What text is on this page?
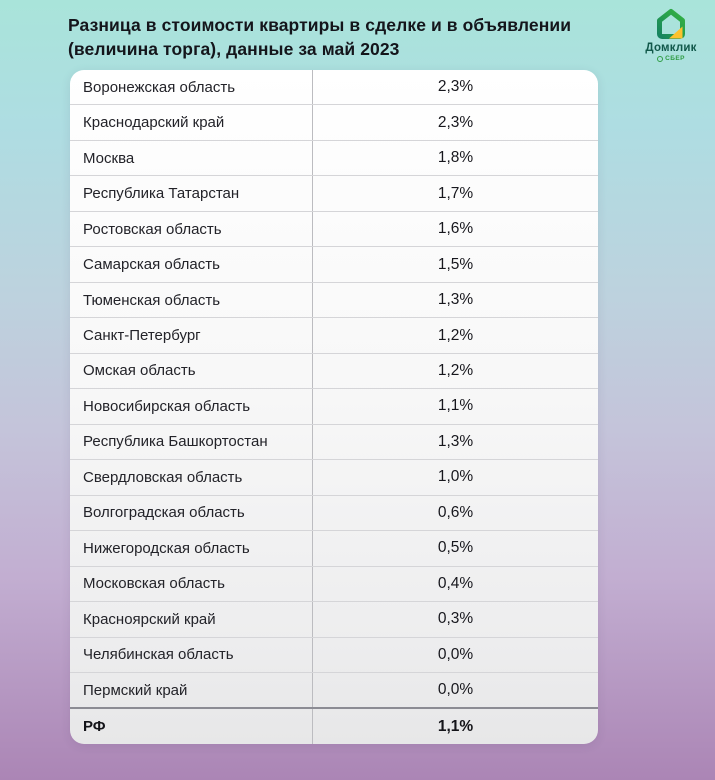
Разница в стоимости квартиры в сделке и в объявлении
(величина торга), данные за май 2023	Домклик
СБЕР
Воронежская область	2,3%
Краснодарский край	2,3%
Москва	1,8%
Республика Татарстан	1,7%
Ростовская область	1,6%
Самарская область	1,5%
Тюменская область	1,3%
Санкт-Петербург	1,2%
Омская область	1,2%
Новосибирская область	1,1%
Республика Башкортостан	1,3%
Свердловская область	1,0%
Волгоградская область	0,6%
Нижегородская область	0,5%
Московская область	0,4%
Красноярский край	0,3%
Челябинская область	0,0%
Пермский край	0,0%
РФ	1,1%
